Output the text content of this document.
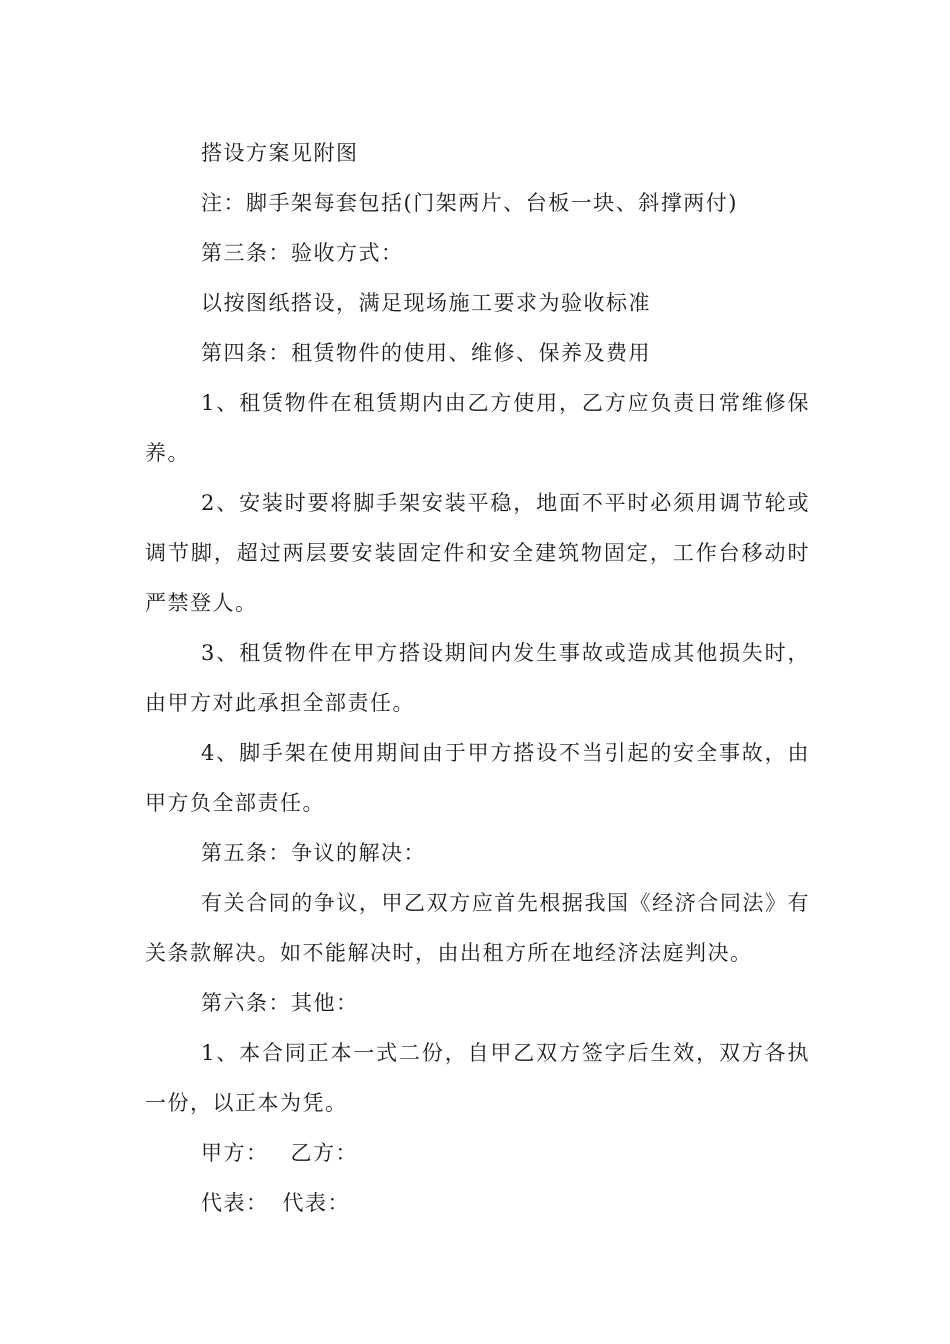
搭设方案见附图

注：脚手架每套包括(门架两片、台板一块、斜撑两付)

第三条：验收方式：

以按图纸搭设，满足现场施工要求为验收标准

第四条：租赁物件的使用、维修、保养及费用

1、租赁物件在租赁期内由乙方使用，乙方应负责日常维修保养。

2、安装时要将脚手架安装平稳，地面不平时必须用调节轮或调节脚，超过两层要安装固定件和安全建筑物固定，工作台移动时严禁登人。

3、租赁物件在甲方搭设期间内发生事故或造成其他损失时，由甲方对此承担全部责任。

4、脚手架在使用期间由于甲方搭设不当引起的安全事故，由甲方负全部责任。

第五条：争议的解决：

有关合同的争议，甲乙双方应首先根据我国《经济合同法》有关条款解决。如不能解决时，由出租方所在地经济法庭判决。

第六条：其他：

1、本合同正本一式二份，自甲乙双方签字后生效，双方各执一份，以正本为凭。

甲方： 乙方：
代表： 代表：
